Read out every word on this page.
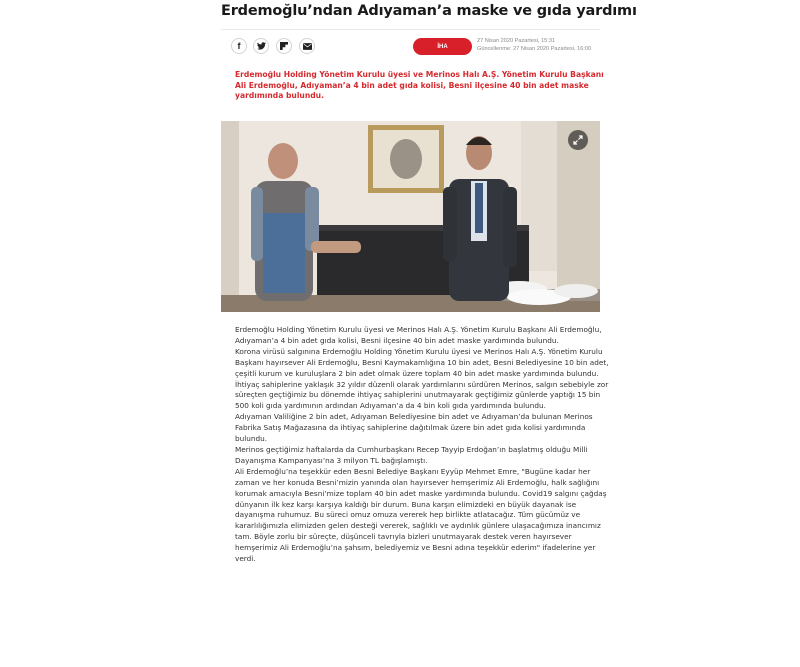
Erdemoğlu’ndan Adıyaman’a maske ve gıda yardımı
f	İHA
27 Nisan 2020 Pazartesi, 15:31
Güncellenme: 27 Nisan 2020 Pazartesi, 16:00
Erdemoğlu Holding Yönetim Kurulu üyesi ve Merinos Halı A.Ş. Yönetim Kurulu Başkanı Ali Erdemoğlu, Adıyaman’a 4 bin adet gıda kolisi, Besni ilçesine 40 bin adet maske yardımında bulundu.

Erdemoğlu Holding Yönetim Kurulu üyesi ve Merinos Halı A.Ş. Yönetim Kurulu Başkanı Ali Erdemoğlu, Adıyaman’a 4 bin adet gıda kolisi, Besni ilçesine 40 bin adet maske yardımında bulundu.

Korona virüsü salgınına Erdemoğlu Holding Yönetim Kurulu üyesi ve Merinos Halı A.Ş. Yönetim Kurulu Başkanı hayırsever Ali Erdemoğlu, Besni Kaymakamlığına 10 bin adet, Besni Belediyesine 10 bin adet, çeşitli kurum ve kuruluşlara 2 bin adet olmak üzere toplam 40 bin adet maske yardımında bulundu.

İhtiyaç sahiplerine yaklaşık 32 yıldır düzenli olarak yardımlarını sürdüren Merinos, salgın sebebiyle zor süreçten geçtiğimiz bu dönemde ihtiyaç sahiplerini unutmayarak geçtiğimiz günlerde yaptığı 15 bin 500 koli gıda yardımının ardından Adıyaman’a da 4 bin koli gıda yardımında bulundu.

Adıyaman Valiliğine 2 bin adet, Adıyaman Belediyesine bin adet ve Adıyaman’da bulunan Merinos Fabrika Satış Mağazasına da ihtiyaç sahiplerine dağıtılmak üzere bin adet gıda kolisi yardımında bulundu.

Merinos geçtiğimiz haftalarda da Cumhurbaşkanı Recep Tayyip Erdoğan’ın başlatmış olduğu Milli Dayanışma Kampanyası’na 3 milyon TL bağışlamıştı.

Ali Erdemoğlu’na teşekkür eden Besni Belediye Başkanı Eyyüp Mehmet Emre, "Bugüne kadar her zaman ve her konuda Besni’mizin yanında olan hayırsever hemşerimiz Ali Erdemoğlu, halk sağlığını korumak amacıyla Besni’mize toplam 40 bin adet maske yardımında bulundu. Covid19 salgını çağdaş dünyanın ilk kez karşı karşıya kaldığı bir durum. Buna karşın elimizdeki en büyük dayanak ise dayanışma ruhumuz. Bu süreci omuz omuza vererek hep birlikte atlatacağız. Tüm gücümüz ve kararlılığımızla elimizden gelen desteği vererek, sağlıklı ve aydınlık günlere ulaşacağımıza inancımız tam. Böyle zorlu bir süreçte, düşünceli tavrıyla bizleri unutmayarak destek veren hayırsever hemşerimiz Ali Erdemoğlu’na şahsım, belediyemiz ve Besni adına teşekkür ederim" ifadelerine yer verdi.
